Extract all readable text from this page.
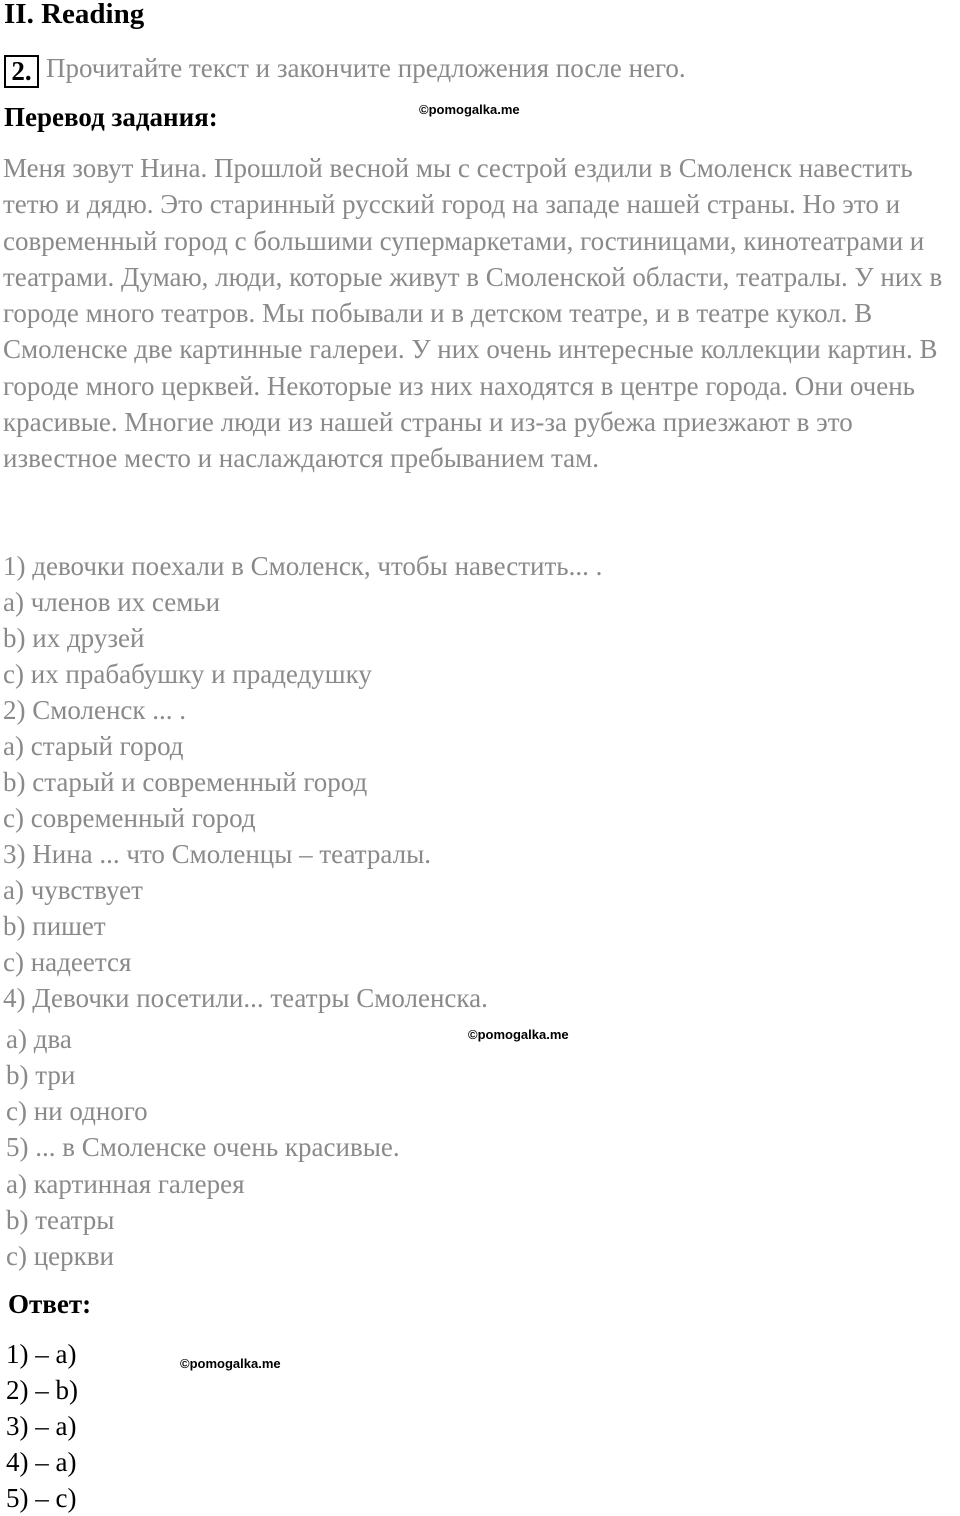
II. Reading
2. Прочитайте текст и закончите предложения после него.
Перевод задания:	©pomogalka.me

Меня зовут Нина. Прошлой весной мы с сестрой ездили в Смоленск навестить тетю и дядю. Это старинный русский город на западе нашей страны. Но это и современный город с большими супермаркетами, гостиницами, кинотеатрами и театрами. Думаю, люди, которые живут в Смоленской области, театралы. У них в городе много театров. Мы побывали и в детском театре, и в театре кукол. В Смоленске две картинные галереи. У них очень интересные коллекции картин. В городе много церквей. Некоторые из них находятся в центре города. Они очень красивые. Многие люди из нашей страны и из-за рубежа приезжают в это известное место и наслаждаются пребыванием там.

1) девочки поехали в Смоленск, чтобы навестить... .
a) членов их семьи
b) их друзей
c) их прабабушку и прадедушку
2) Смоленск ... .
a) старый город
b) старый и современный город
c) современный город
3) Нина ... что Смоленцы – театралы.
a) чувствует
b) пишет
c) надеется
4) Девочки посетили... театры Смоленска.
a) два	©pomogalka.me
b) три
c) ни одного
5) ... в Смоленске очень красивые.
a) картинная галерея
b) театры
c) церкви
Ответ:
1) – a)	©pomogalka.me
2) – b)
3) – a)
4) – a)
5) – c)
